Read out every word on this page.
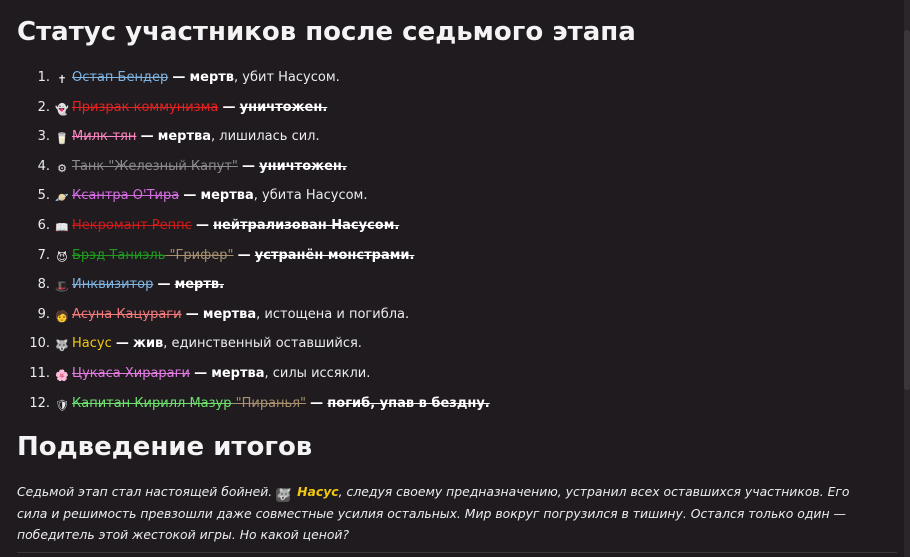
Статус участников после седьмого этапа
1. ✝ Остап Бендер — мертв, убит Насусом.
2. 👻 Призрак коммунизма — уничтожен.
3. 🥛 Милк-тян — мертва, лишилась сил.
4. ⚙ Танк "Железный Капут" — уничтожен.
5. 🪐 Ксантра О'Тира — мертва, убита Насусом.
6. 📖 Некромант Реппс — нейтрализован Насусом.
7. 😈 Брэд Таниэль "Грифер" — устранён монстрами.
8. 🎩 Инквизитор — мертв.
9. 🧑 Асуна Кацураги — мертва, истощена и погибла.
10. 🐺 Насус — жив, единственный оставшийся.
11. 🌸 Цукаса Хирараги — мертва, силы иссякли.
12. 🛡 Капитан Кирилл Мазур "Пиранья" — погиб, упав в бездну.
Подведение итогов

Седьмой этап стал настоящей бойней. 🐺 Насус, следуя своему предназначению, устранил всех оставшихся участников. Его сила и решимость превзошли даже совместные усилия остальных. Мир вокруг погрузился в тишину. Остался только один — победитель этой жестокой игры. Но какой ценой?
